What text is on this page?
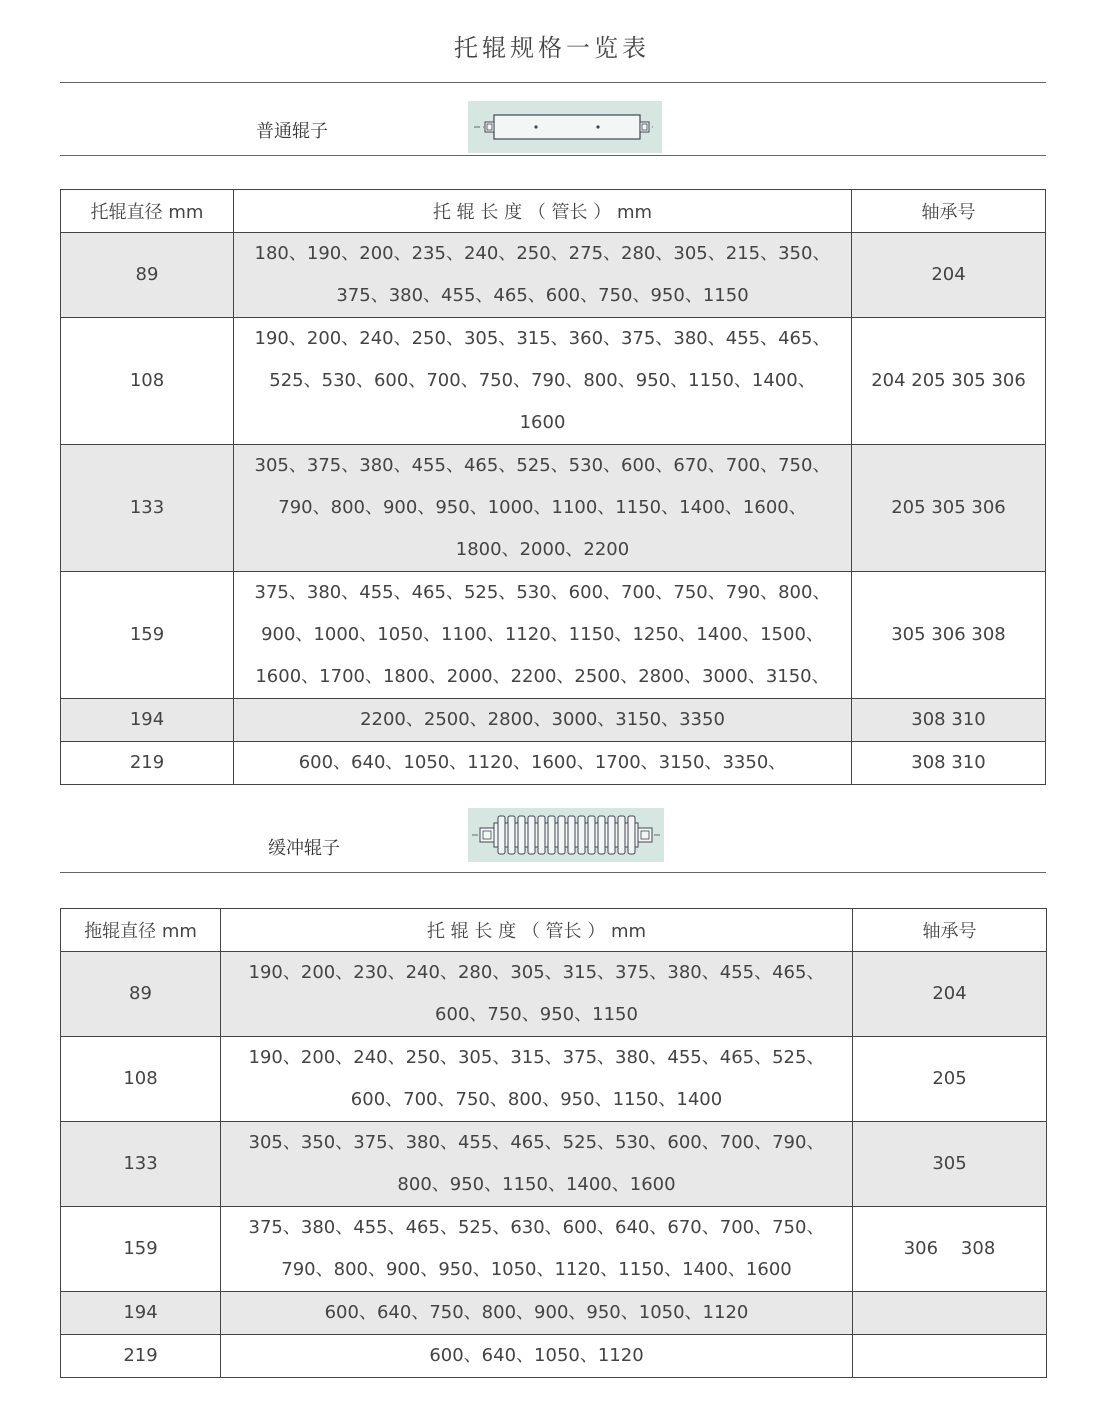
托辊规格一览表
普通辊子
托辊直径 mm	托 辊 长 度 （ 管长 ） mm	轴承号
89	180、190、200、235、240、250、275、280、305、215、350、
375、380、455、465、600、750、950、1150	204
108	190、200、240、250、305、315、360、375、380、455、465、
525、530、600、700、750、790、800、950、1150、1400、
1600	204 205 305 306
133	305、375、380、455、465、525、530、600、670、700、750、
790、800、900、950、1000、1100、1150、1400、1600、
1800、2000、2200	205 305 306
159	375、380、455、465、525、530、600、700、750、790、800、
900、1000、1050、1100、1120、1150、1250、1400、1500、
1600、1700、1800、2000、2200、2500、2800、3000、3150、	305 306 308
194	2200、2500、2800、3000、3150、3350	308 310
219	600、640、1050、1120、1600、1700、3150、3350、	308 310
缓冲辊子
拖辊直径 mm	托 辊 长 度 （ 管长 ） mm	轴承号
89	190、200、230、240、280、305、315、375、380、455、465、
600、750、950、1150	204
108	190、200、240、250、305、315、375、380、455、465、525、
600、700、750、800、950、1150、1400	205
133	305、350、375、380、455、465、525、530、600、700、790、
800、950、1150、1400、1600	305
159	375、380、455、465、525、630、600、640、670、700、750、
790、800、900、950、1050、1120、1150、1400、1600	306    308
194	600、640、750、800、900、950、1050、1120	

219	600、640、1050、1120	
